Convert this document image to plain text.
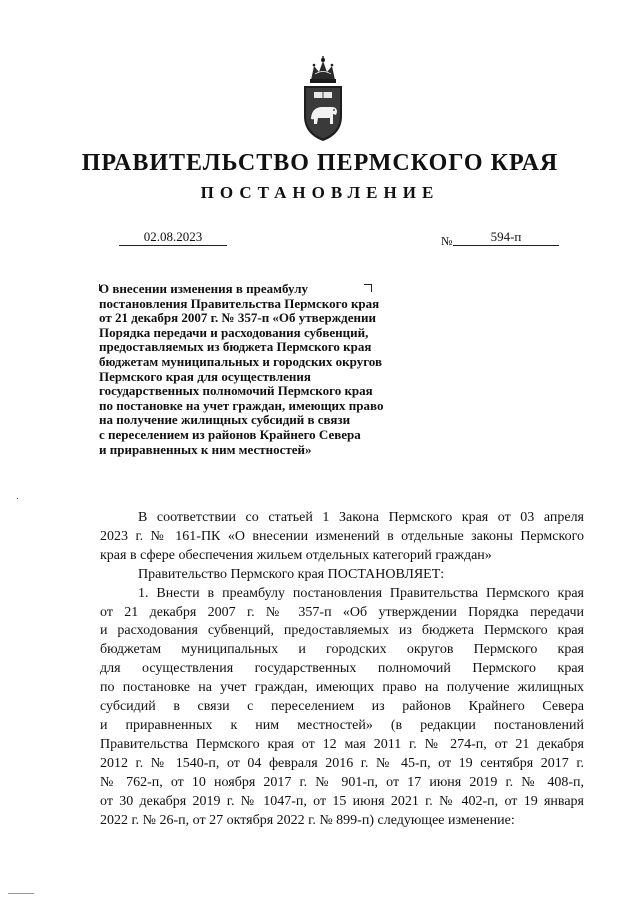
ПРАВИТЕЛЬСТВО ПЕРМСКОГО КРАЯ
ПОСТАНОВЛЕНИЕ
02.08.2023	№	594-п
О внесении изменения в преамбулу
постановления Правительства Пермского края
от 21 декабря 2007 г. № 357-п «Об утверждении
Порядка передачи и расходования субвенций,
предоставляемых из бюджета Пермского края
бюджетам муниципальных и городских округов
Пермского края для осуществления
государственных полномочий Пермского края
по постановке на учет граждан, имеющих право
на получение жилищных субсидий в связи
с переселением из районов Крайнего Севера
и приравненных к ним местностей»
В соответствии со статьей 1 Закона Пермского края от 03 апреля
2023 г. № 161-ПК «О внесении изменений в отдельные законы Пермского
края в сфере обеспечения жильем отдельных категорий граждан»
Правительство Пермского края ПОСТАНОВЛЯЕТ:
1. Внести в преамбулу постановления Правительства Пермского края
от 21 декабря 2007 г. № 357-п «Об утверждении Порядка передачи
и расходования субвенций, предоставляемых из бюджета Пермского края
бюджетам муниципальных и городских округов Пермского края
для осуществления государственных полномочий Пермского края
по постановке на учет граждан, имеющих право на получение жилищных
субсидий в связи с переселением из районов Крайнего Севера
и приравненных к ним местностей» (в редакции постановлений
Правительства Пермского края от 12 мая 2011 г. № 274-п, от 21 декабря
2012 г. № 1540-п, от 04 февраля 2016 г. № 45-п, от 19 сентября 2017 г.
№ 762-п, от 10 ноября 2017 г. № 901-п, от 17 июня 2019 г. № 408-п,
от 30 декабря 2019 г. № 1047-п, от 15 июня 2021 г. № 402-п, от 19 января
2022 г. № 26-п, от 27 октября 2022 г. № 899-п) следующее изменение:
